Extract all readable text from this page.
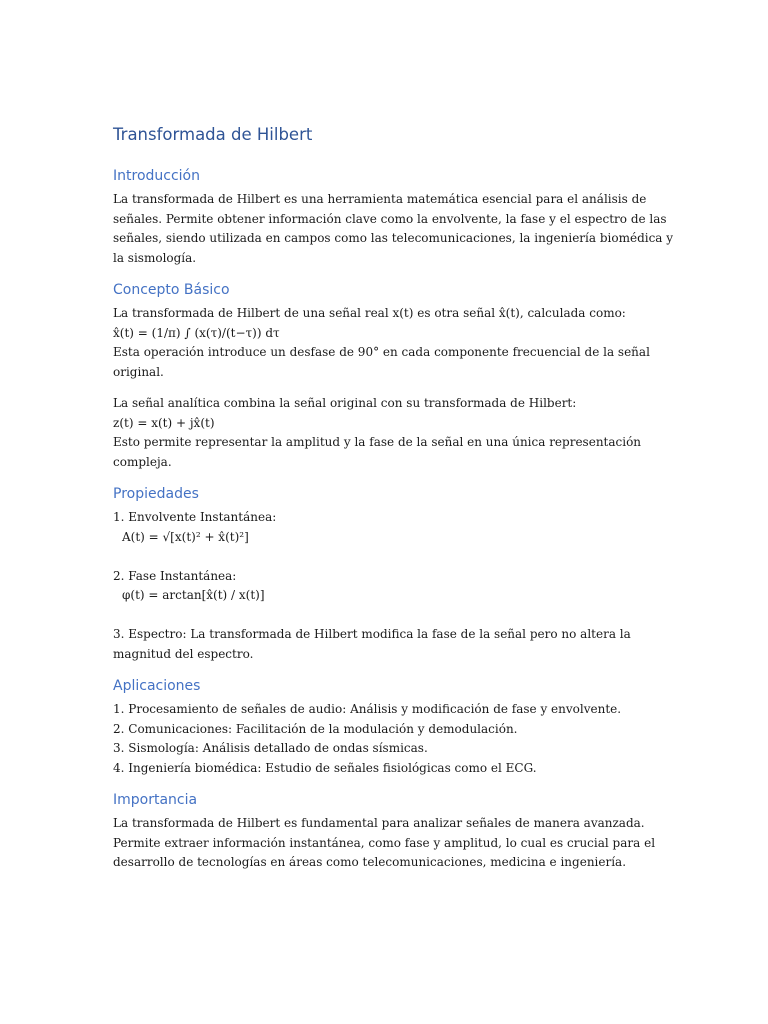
Transformada de Hilbert
Introducción

La transformada de Hilbert es una herramienta matemática esencial para el análisis de
señales. Permite obtener información clave como la envolvente, la fase y el espectro de las
señales, siendo utilizada en campos como las telecomunicaciones, la ingeniería biomédica y
la sismología.

Concepto Básico

La transformada de Hilbert de una señal real x(t) es otra señal x̂(t), calculada como:
x̂(t) = (1/π) ∫ (x(τ)/(t−τ)) dτ
Esta operación introduce un desfase de 90° en cada componente frecuencial de la señal
original.

La señal analítica combina la señal original con su transformada de Hilbert:
z(t) = x(t) + jx̂(t)
Esto permite representar la amplitud y la fase de la señal en una única representación
compleja.

Propiedades

1. Envolvente Instantánea:
A(t) = √[x(t)² + x̂(t)²]
2. Fase Instantánea:
φ(t) = arctan[x̂(t) / x(t)]
3. Espectro: La transformada de Hilbert modifica la fase de la señal pero no altera la
magnitud del espectro.

Aplicaciones

1. Procesamiento de señales de audio: Análisis y modificación de fase y envolvente.
2. Comunicaciones: Facilitación de la modulación y demodulación.
3. Sismología: Análisis detallado de ondas sísmicas.
4. Ingeniería biomédica: Estudio de señales fisiológicas como el ECG.

Importancia

La transformada de Hilbert es fundamental para analizar señales de manera avanzada.
Permite extraer información instantánea, como fase y amplitud, lo cual es crucial para el
desarrollo de tecnologías en áreas como telecomunicaciones, medicina e ingeniería.
